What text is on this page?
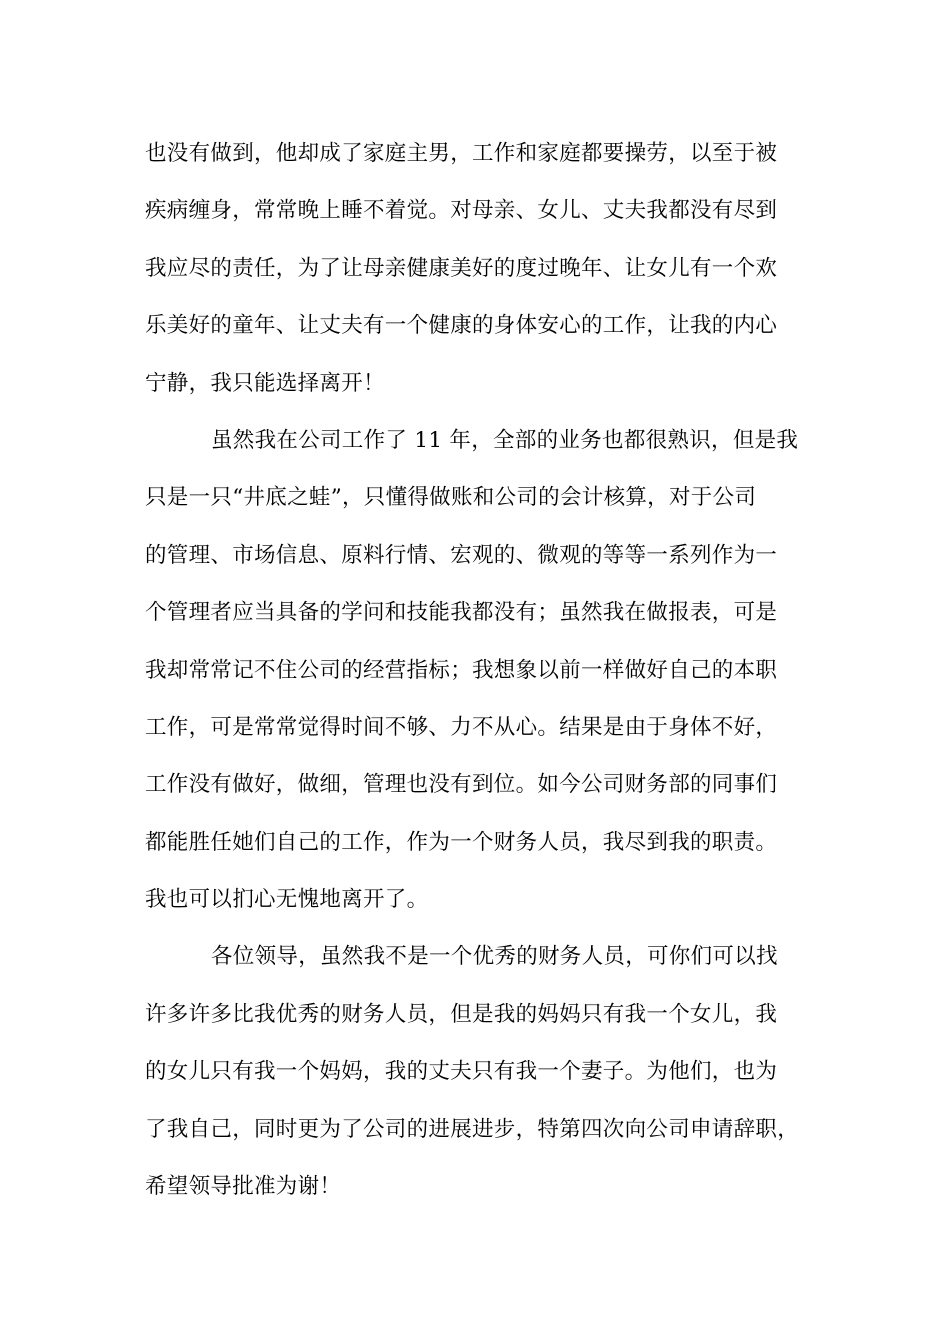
也没有做到，他却成了家庭主男，工作和家庭都要操劳，以至于被
疾病缠身，常常晚上睡不着觉。对母亲、女儿、丈夫我都没有尽到
我应尽的责任，为了让母亲健康美好的度过晚年、让女儿有一个欢
乐美好的童年、让丈夫有一个健康的身体安心的工作，让我的内心
宁静，我只能选择离开！
虽然我在公司工作了 11 年，全部的业务也都很熟识，但是我
只是一只“井底之蛙”，只懂得做账和公司的会计核算，对于公司
的管理、市场信息、原料行情、宏观的、微观的等等一系列作为一
个管理者应当具备的学问和技能我都没有；虽然我在做报表，可是
我却常常记不住公司的经营指标；我想象以前一样做好自己的本职
工作，可是常常觉得时间不够、力不从心。结果是由于身体不好，
工作没有做好，做细，管理也没有到位。如今公司财务部的同事们
都能胜任她们自己的工作，作为一个财务人员，我尽到我的职责。
我也可以扪心无愧地离开了。
各位领导，虽然我不是一个优秀的财务人员，可你们可以找
许多许多比我优秀的财务人员，但是我的妈妈只有我一个女儿，我
的女儿只有我一个妈妈，我的丈夫只有我一个妻子。为他们，也为
了我自己，同时更为了公司的进展进步，特第四次向公司申请辞职，
希望领导批准为谢！
